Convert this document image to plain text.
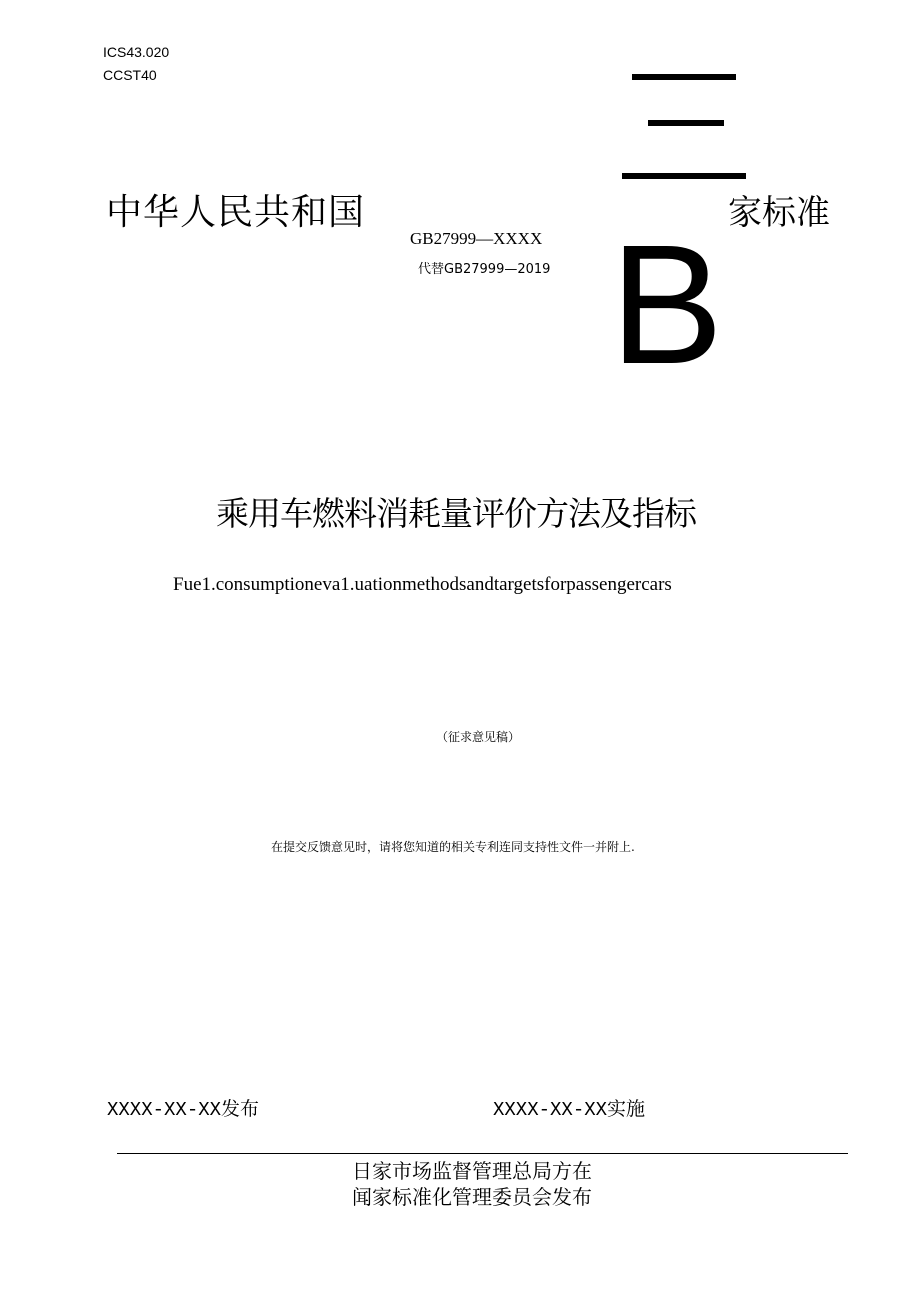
ICS43.020
CCST40
B
中华人民共和国	家标准
GB27999—XXXX
代替GB27999—2019
乘用车燃料消耗量评价方法及指标
Fue1.consumptioneva1.uationmethodsandtargetsforpassengercars
（征求意见稿）
在提交反馈意见时，请将您知道的相关专利连同支持性文件一并附上.
XXXX-XX-XX发布	XXXX-XX-XX实施
日家市场监督管理总局方在
闻家标准化管理委员会发布
